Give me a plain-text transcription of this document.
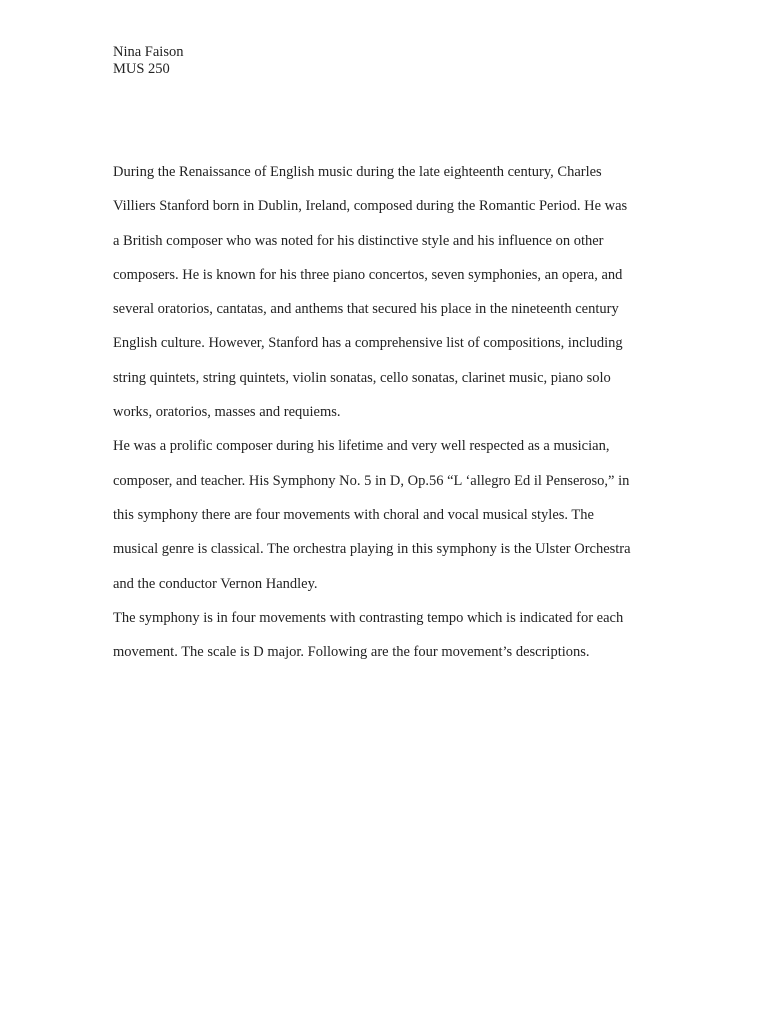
Nina Faison
MUS 250
During the Renaissance of English music during the late eighteenth century, Charles
Villiers Stanford born in Dublin, Ireland, composed during the Romantic Period. He was
a British composer who was noted for his distinctive style and his influence on other
composers. He is known for his three piano concertos, seven symphonies, an opera, and
several oratorios, cantatas, and anthems that secured his place in the nineteenth century
English culture. However, Stanford has a comprehensive list of compositions, including
string quintets, string quintets, violin sonatas, cello sonatas, clarinet music, piano solo
works, oratorios, masses and requiems.
He was a prolific composer during his lifetime and very well respected as a musician,
composer, and teacher. His Symphony No. 5 in D, Op.56 “L ‘allegro Ed il Penseroso,” in
this symphony there are four movements with choral and vocal musical styles. The
musical genre is classical. The orchestra playing in this symphony is the Ulster Orchestra
and the conductor Vernon Handley.
The symphony is in four movements with contrasting tempo which is indicated for each
movement. The scale is D major. Following are the four movement’s descriptions.
